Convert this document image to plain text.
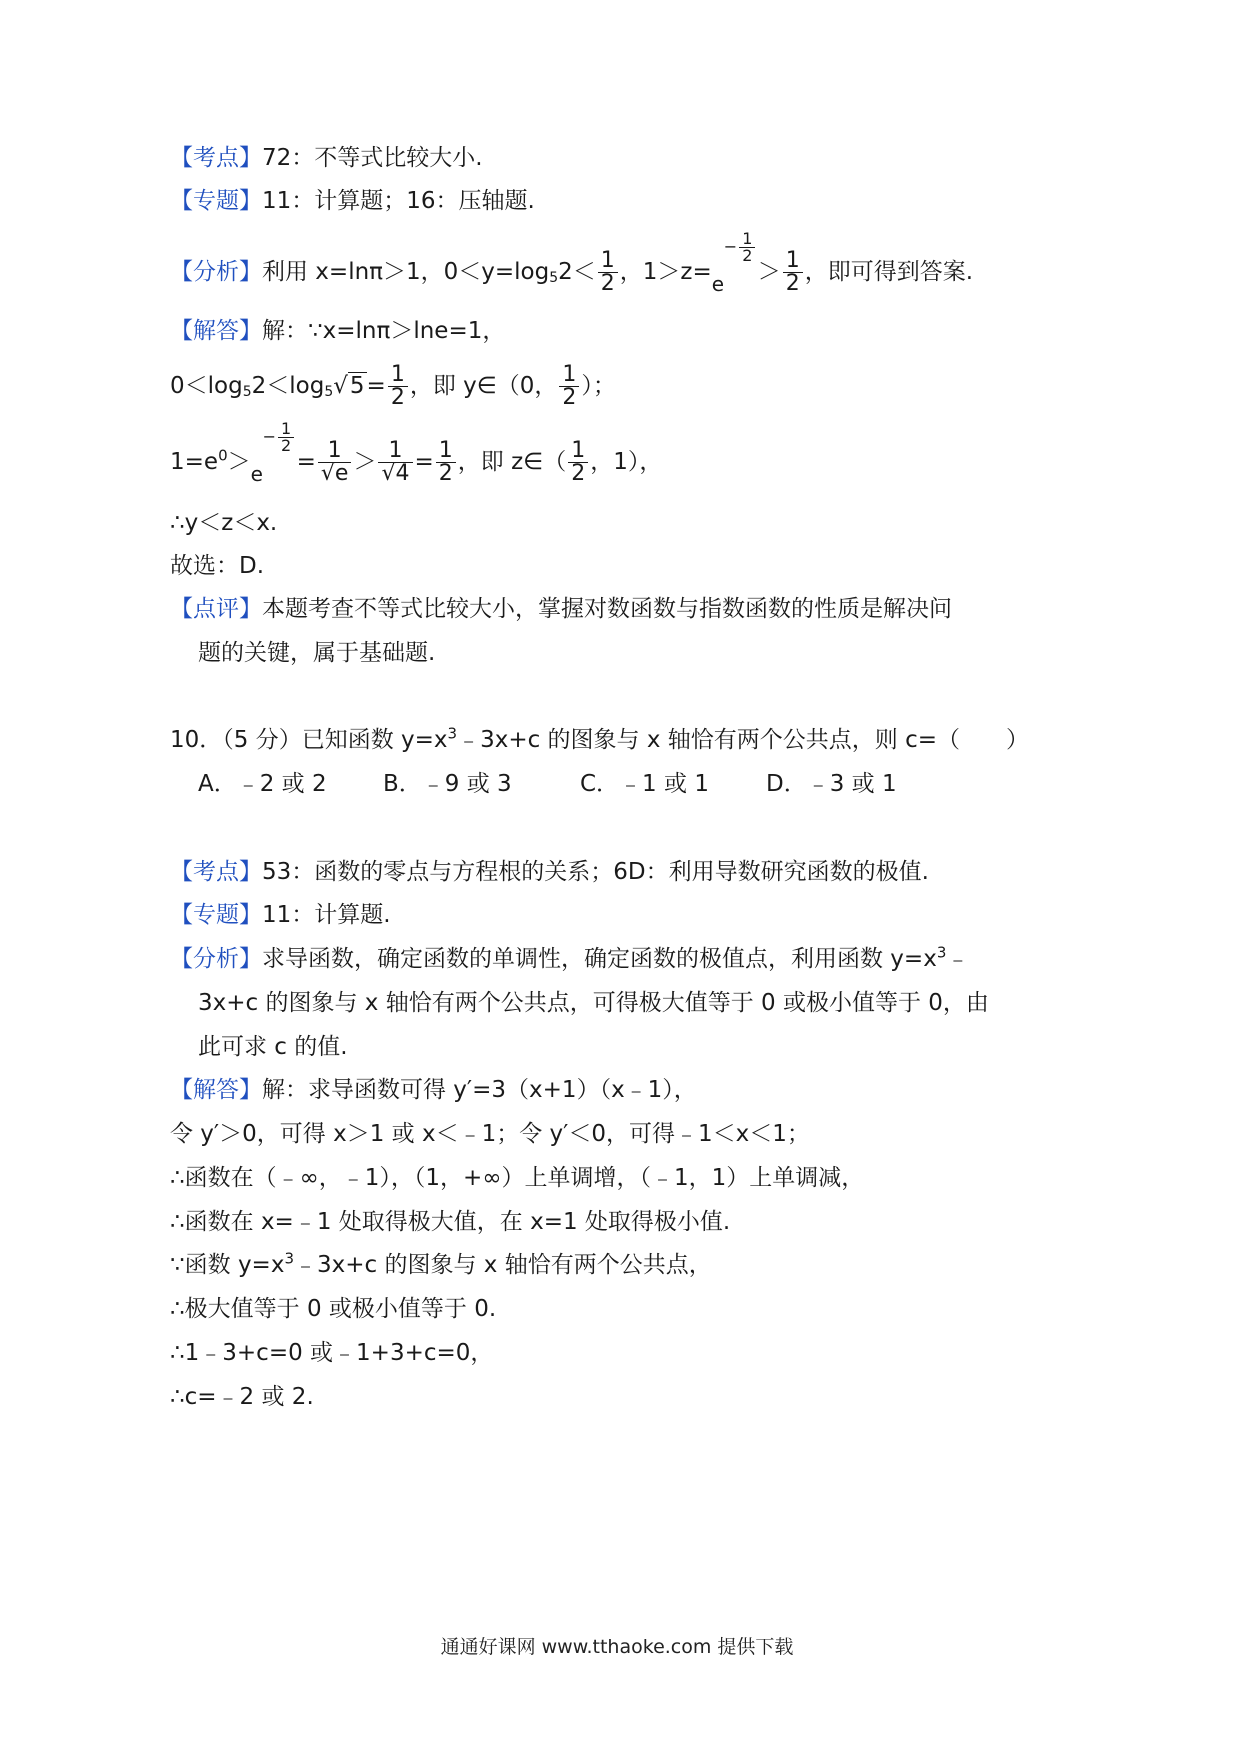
【考点】72：不等式比较大小.
【专题】11：计算题；16：压轴题.
【分析】利用 x=lnπ＞1，$0<y=\log_52< \frac{1}{2}$ ，1＞z= e
− $\frac{1}{2}$
＞ $\frac{1}{2}$ ，即可得到答案.
【解答】解：∵x=lnπ＞lne=1，
$0<\log_52<\log_5√5= \frac{1}{2}$ ，即 y∈（0， $\frac{1}{2}$ ）；
$1=e^0> e$
− $\frac{1}{2}$
= $\frac{1}{√e} > \frac{1}{√4} = \frac{1}{2}$ ，即 z∈（ $\frac{1}{2}$ ，1），
∴y＜z＜x.
故选：D.
【点评】本题考查不等式比较大小，掌握对数函数与指数函数的性质是解决问
题的关键，属于基础题.
10．（5 分）已知函数 $y=x^3﹣3x+c$ 的图象与 x 轴恰有两个公共点，则 c=（　　）
A．﹣2 或 2 B．﹣9 或 3	C．﹣1 或 1 D．﹣3 或 1
【考点】53：函数的零点与方程根的关系；6D：利用导数研究函数的极值.
【专题】11：计算题.
【分析】求导函数，确定函数的单调性，确定函数的极值点，利用函数 $y=x^3﹣$
3x+c 的图象与 x 轴恰有两个公共点，可得极大值等于 0 或极小值等于 0，由
此可求 c 的值.
【解答】解：求导函数可得 y′=3（x+1）（x﹣1），
令 y′＞0，可得 x＞1 或 x＜﹣1；令 y′＜0，可得﹣1＜x＜1；
∴函数在（﹣∞，﹣1），（1，+∞）上单调增，（﹣1，1）上单调减，
∴函数在 x=﹣1 处取得极大值，在 x=1 处取得极小值.
∵函数 $y=x^3﹣3x+c$ 的图象与 x 轴恰有两个公共点，
∴极大值等于 0 或极小值等于 0.
∴1﹣3+c=0 或﹣1+3+c=0，
∴c=﹣2 或 2.
通通好课网 www.tthaoke.com 提供下载
